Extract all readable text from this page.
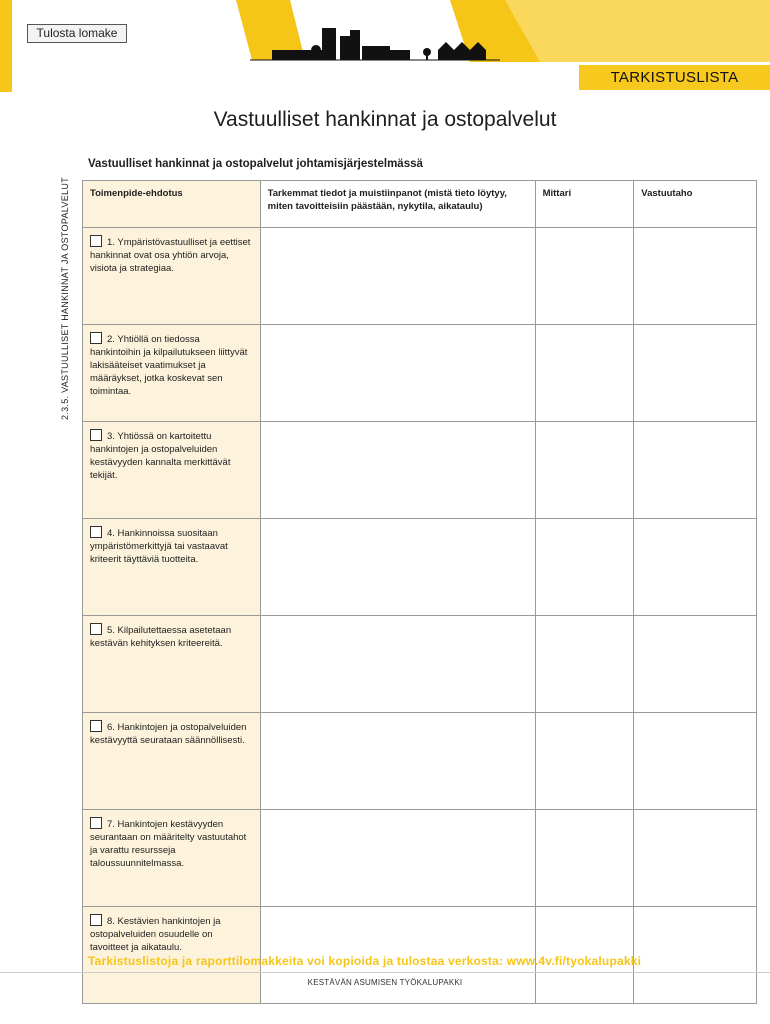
Tulosta lomake
TARKISTUSLISTA
Vastuulliset hankinnat ja ostopalvelut
Vastuulliset hankinnat ja ostopalvelut johtamisjärjestelmässä
2.3.5. VASTUULLISET HANKINNAT JA OSTOPALVELUT	Toimenpide-ehdotus	Tarkemmat tiedot ja muistiinpanot (mistä tieto löytyy, miten tavoitteisiin päästään, nykytila, aikataulu)	Mittari	Vastuutaho
1. Ympäristövastuulliset ja eettiset hankinnat ovat osa yhtiön arvoja, visiota ja strategiaa.			
2. Yhtiöllä on tiedossa hankintoihin ja kilpailutukseen liittyvät lakisääteiset vaatimukset ja määräykset, jotka koskevat sen toimintaa.			
3. Yhtiössä on kartoitettu hankintojen ja ostopalveluiden kestävyyden kannalta merkittävät tekijät.			
4. Hankinnoissa suositaan ympäristömerkittyjä tai vastaavat kriteerit täyttäviä tuotteita.			
5. Kilpailutettaessa asetetaan kestävän kehityksen kriteereitä.			
6. Hankintojen ja ostopalveluiden kestävyyttä seurataan säännöllisesti.			
7. Hankintojen kestävyyden seurantaan on määritelty vastuutahot ja varattu resursseja taloussuunnitelmassa.			
8. Kestävien hankintojen ja ostopalveluiden osuudelle on tavoitteet ja aikataulu.			
Tarkistuslistoja ja raporttilomakkeita voi kopioida ja tulostaa verkosta: www.4v.fi/tyokalupakki
KESTÄVÄN ASUMISEN TYÖKALUPAKKI
